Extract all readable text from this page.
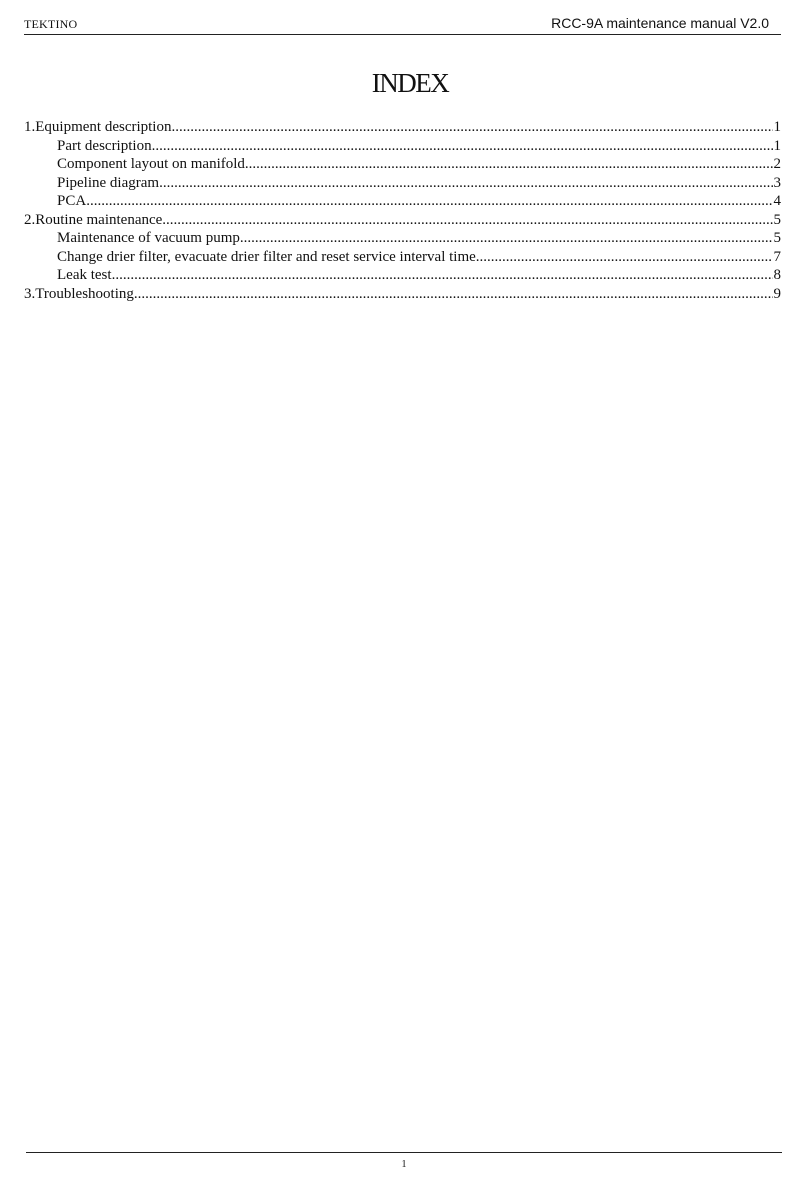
TEKTINO	RCC-9A maintenance manual V2.0
INDEX
1.Equipment description .....	1
Part description .....	1
Component layout on manifold .....	2
Pipeline diagram .....	3
PCA .....	4
2.Routine maintenance .....	5
Maintenance of vacuum pump .....	5
Change drier filter, evacuate drier filter and reset service interval time .....	7
Leak test .....	8
3.Troubleshooting .....	9
1
